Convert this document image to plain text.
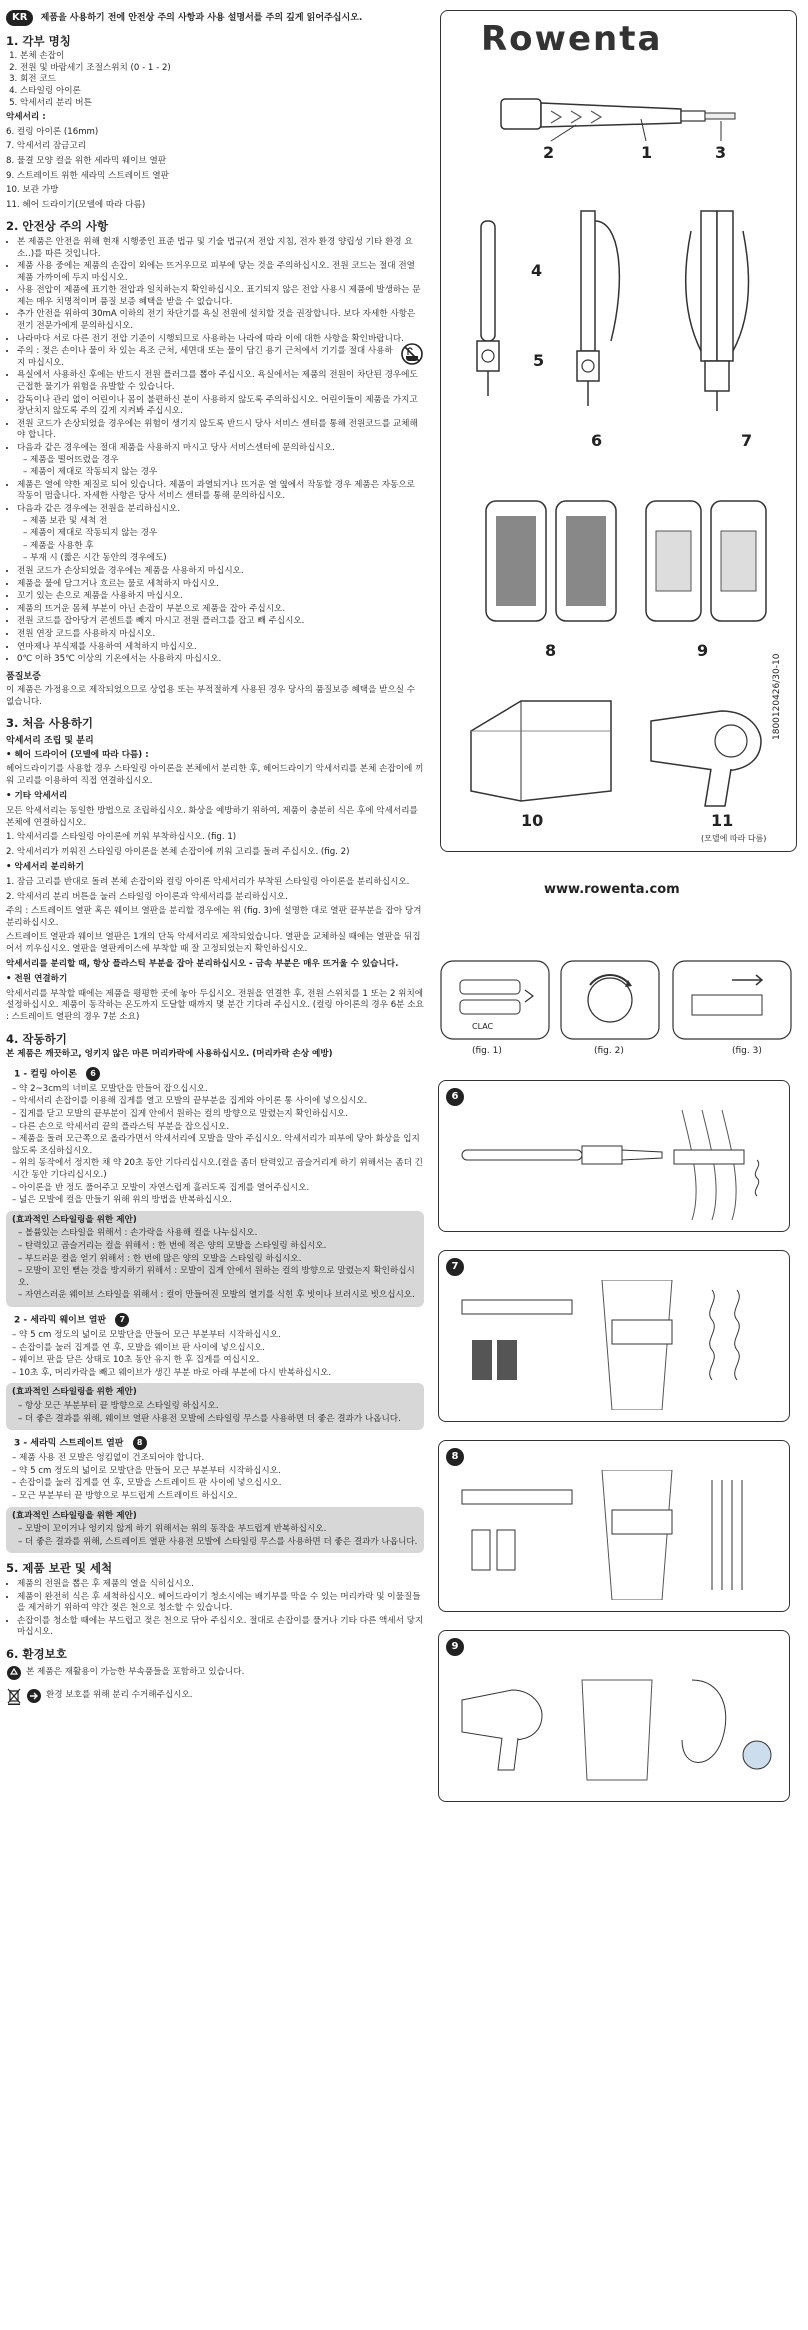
KR 제품을 사용하기 전에 안전상 주의 사항과 사용 설명서를 주의 깊게 읽어주십시오.
1. 각부 명칭
1. 본체 손잡이
2. 전원 및 바람세기 조절스위치 (0 - 1 - 2)
3. 회전 코드
4. 스타일링 아이론
5. 악세서리 분리 버튼

악세서리 :

6. 컬링 아이론 (16mm)

7. 악세서리 잠금고리

8. 물결 모양 컬을 위한 세라믹 웨이브 열판

9. 스트레이트 위한 세라믹 스트레이트 열판

10. 보관 가방

11. 헤어 드라이기(모델에 따라 다름)

2. 안전상 주의 사항
• 본 제품은 안전을 위해 현재 시행중인 표준 법규 및 기술 법규(저 전압 지침, 전자 환경 양립성 기타 환경 요소..)를 따른 것입니다.
• 제품 사용 중에는 제품의 손잡이 외에는 뜨거우므로 피부에 닿는 것을 주의하십시오. 전원 코드는 절대 전열 제품 가까이에 두지 마십시오.
• 사용 전압이 제품에 표기한 전압과 일치하는지 확인하십시오. 표기되지 않은 전압 사용시 제품에 발생하는 문제는 매우 치명적이며 품질 보증 혜택을 받을 수 없습니다.
• 추가 안전을 위하여 30mA 이하의 전기 차단기를 욕실 전원에 설치할 것을 권장합니다. 보다 자세한 사항은 전기 전문가에게 문의하십시오.
• 나라마다 서로 다른 전기 전압 기준이 시행되므로 사용하는 나라에 따라 이에 대한 사항을 확인바랍니다.
• 주의 : 젖은 손이나 물이 차 있는 욕조 근처, 세면대 또는 물이 담긴 용기 근처에서 기기를 절대 사용하지 마십시오.
• 욕실에서 사용하신 후에는 반드시 전원 플러그를 뽑아 주십시오. 욕실에서는 제품의 전원이 차단된 경우에도 근접한 물기가 위험을 유발할 수 있습니다.
• 감독이나 관리 없이 어린이나 몸이 불편하신 분이 사용하지 않도록 주의하십시오. 어린이들이 제품을 가지고 장난치지 않도록 주의 깊게 지켜봐 주십시오.
• 전원 코드가 손상되었을 경우에는 위험이 생기지 않도록 반드시 당사 서비스 센터를 통해 전원코드를 교체해야 합니다.
• 다음과 같은 경우에는 절대 제품을 사용하지 마시고 당사 서비스센터에 문의하십시오.
– 제품을 떨어뜨렸을 경우
– 제품이 제대로 작동되지 않는 경우
• 제품은 열에 약한 제질로 되어 있습니다. 제품이 과열되거나 뜨거운 열 옆에서 작동할 경우 제품은 자동으로 작동이 멈춥니다. 자세한 사항은 당사 서비스 센터를 통해 문의하십시오.
• 다음과 같은 경우에는 전원을 분리하십시오.
– 제품 보관 및 세척 전
– 제품이 제대로 작동되지 않는 경우
– 제품을 사용한 후
– 부재 시 (짧은 시간 동안의 경우에도)
• 전원 코드가 손상되었을 경우에는 제품을 사용하지 마십시오.
• 제품을 물에 담그거나 흐르는 물로 세척하지 마십시오.
• 꼬기 있는 손으로 제품을 사용하지 마십시오.
• 제품의 뜨거운 몸체 부분이 아닌 손잡이 부분으로 제품을 잡아 주십시오.
• 전원 코드를 잡아당겨 콘센트를 빼지 마시고 전원 플러그를 잡고 빼 주십시오.
• 전원 연장 코드를 사용하지 마십시오.
• 연마제나 부식제를 사용하여 세척하지 마십시오.
• 0℃ 이하 35℃ 이상의 기온에서는 사용하지 마십시오.
품질보증

이 제품은 가정용으로 제작되었으므로 상업용 또는 부적절하게 사용된 경우 당사의 품질보증 혜택을 받으실 수 없습니다.

3. 처음 사용하기
악세서리 조립 및 분리

• 헤어 드라이어 (모델에 따라 다름) :

헤어드라이기를 사용할 경우 스타일링 아이론을 본체에서 분리한 후, 헤어드라이기 악세서리를 본체 손잡이에 끼워 고리를 이용하여 직접 연결하십시오.

• 기타 악세서리

모든 악세서리는 동일한 방법으로 조립하십시오. 화상을 예방하기 위하여, 제품이 충분히 식은 후에 악세서리를 본체에 연결하십시오.

1. 악세서리를 스타일링 아이론에 끼워 부착하십시오. (fig. 1)

2. 악세서리가 끼워진 스타일링 아이론을 본체 손잡이에 끼워 고리를 돌려 주십시오. (fig. 2)

• 악세서리 분리하기

1. 잠금 고리를 반대로 돌려 본체 손잡이와 컬링 아이론 악세서리가 부착된 스타일링 아이론을 분리하십시오.

2. 악세서리 분리 버튼을 눌러 스타일링 아이론과 악세서리를 분리하십시오.

주의 : 스트레이트 열판 혹은 웨이브 열판을 분리할 경우에는 위 (fig. 3)에 설명한 대로 열판 끝부분을 잡아 당겨 분리하십시오.

스트레이트 열판과 웨이브 열판은 1개의 단독 악세서리로 제작되었습니다. 열판을 교체하실 때에는 열판을 뒤집어서 끼우십시오. 열판을 열판케이스에 부착할 때 잘 고정되었는지 확인하십시오.

악세서리를 분리할 때, 항상 플라스틱 부분을 잡아 분리하십시오 - 금속 부분은 매우 뜨거울 수 있습니다.

• 전원 연결하기

악세서리를 부착할 때에는 제품을 평평한 곳에 놓아 두십시오. 전원을 연결한 후, 전원 스위치를 1 또는 2 위치에 설정하십시오. 제품이 동작하는 온도까지 도달할 때까지 몇 분간 기다려 주십시오. (컬링 아이론의 경우 6분 소요 : 스트레이트 열판의 경우 7분 소요)

4. 작동하기

본 제품은 깨끗하고, 엉키지 않은 마른 머리카락에 사용하십시오. (머리카락 손상 예방)

1 - 컬링 아이론 6
– 약 2~3cm의 너비로 모발단을 만들어 잡으십시오.
– 악세서리 손잡이를 이용해 집게를 열고 모발의 끝부분을 집게와 아이론 통 사이에 넣으십시오.
– 집게를 닫고 모발의 끝부분이 집게 안에서 원하는 컬의 방향으로 말렸는지 확인하십시오.
– 다른 손으로 악세서리 끝의 플라스틱 부분을 잡으십시오.
– 제품을 돌려 모근쪽으로 올라가면서 악세서리에 모발을 말아 주십시오. 악세서리가 피부에 닿아 화상을 입지 않도록 조심하십시오.
– 위의 동작에서 정지한 채 약 20초 동안 기다리십시오.(컬을 좀더 탄력있고 곱슬거리게 하기 위해서는 좀더 긴 시간 동안 기다리십시오.)
– 아이론을 반 정도 풀어주고 모발이 자연스럽게 흘러도록 집게를 열어주십시오.
– 넓은 모발에 컬을 만들기 위해 위의 방법을 반복하십시오.
(효과적인 스타일링을 위한 제안)
– 볼륨있는 스타일을 위해서 : 손가락을 사용해 컬을 나누십시오.
– 탄력있고 곱슬거리는 컬을 위해서 : 한 번에 적은 양의 모발을 스타일링 하십시오.
– 부드러운 컬을 얻기 위해서 : 한 번에 많은 양의 모발을 스타일링 하십시오.
– 모발이 꼬인 뻗는 것을 방지하기 위해서 : 모발이 집게 안에서 원하는 컬의 방향으로 말렸는지 확인하십시오.
– 자연스러운 웨이브 스타일을 위해서 : 컬이 만들어진 모발의 열기를 식힌 후 빗이나 브러시로 빗으십시오.
2 - 세라믹 웨이브 열판 7
– 약 5 cm 정도의 넓이로 모발단을 만들어 모근 부분부터 시작하십시오.
– 손잡이를 눌러 집게를 연 후, 모발을 웨이브 판 사이에 넣으십시오.
– 웨이브 판을 닫은 상태로 10초 동안 유지 한 후 집게를 여십시오.
– 10초 후, 머리카락을 빼고 웨이브가 생긴 부분 바로 아래 부분에 다시 반복하십시오.
(효과적인 스타일링을 위한 제안)
– 항상 모근 부분부터 끝 방향으로 스타일링 하십시오.
– 더 좋은 결과를 위해, 웨이브 열판 사용전 모발에 스타일링 무스를 사용하면 더 좋은 결과가 나옵니다.
3 - 세라믹 스트레이트 열판 8
– 제품 사용 전 모발은 엉킴없이 건조되어야 합니다.
– 약 5 cm 정도의 넓이로 모발단을 만들어 모근 부분부터 시작하십시오.
– 손잡이를 눌러 집게를 연 후, 모발을 스트레이트 판 사이에 넣으십시오.
– 모근 부분부터 끝 방향으로 부드럽게 스트레이트 하십시오.
(효과적인 스타일링을 위한 제안)
– 모발이 꼬이거나 엉키지 않게 하기 위해서는 위의 동작을 부드럽게 반복하십시오.
– 더 좋은 결과를 위해, 스트레이트 열판 사용전 모발에 스타일링 무스를 사용하면 더 좋은 결과가 나옵니다.
5. 제품 보관 및 세척
• 제품의 전원을 뽑은 후 제품의 열을 식히십시오.
• 제품이 완전히 식은 후 세척하십시오. 헤어드라이기 청소시에는 배기부를 막을 수 있는 머리카락 및 이물질들을 제거하기 위하여 약간 젖은 천으로 청소할 수 있습니다.
• 손잡이를 청소할 때에는 부드럽고 젖은 천으로 닦아 주십시오. 절대로 손잡이를 풀거나 기타 다른 액세서 닿지 마십시오.
6. 환경보호
본 제품은 재활용이 가능한 부속품들을 포함하고 있습니다.
환경 보호를 위해 분리 수거해주십시오.
Rowenta
2	1	3
4
5
6	7
8	9
10	11
(모델에 따라 다름)
1800120426/30-10
www.rowenta.com
CLAC
(fig. 1)	(fig. 2)	(fig. 3)
6
7
8
9
